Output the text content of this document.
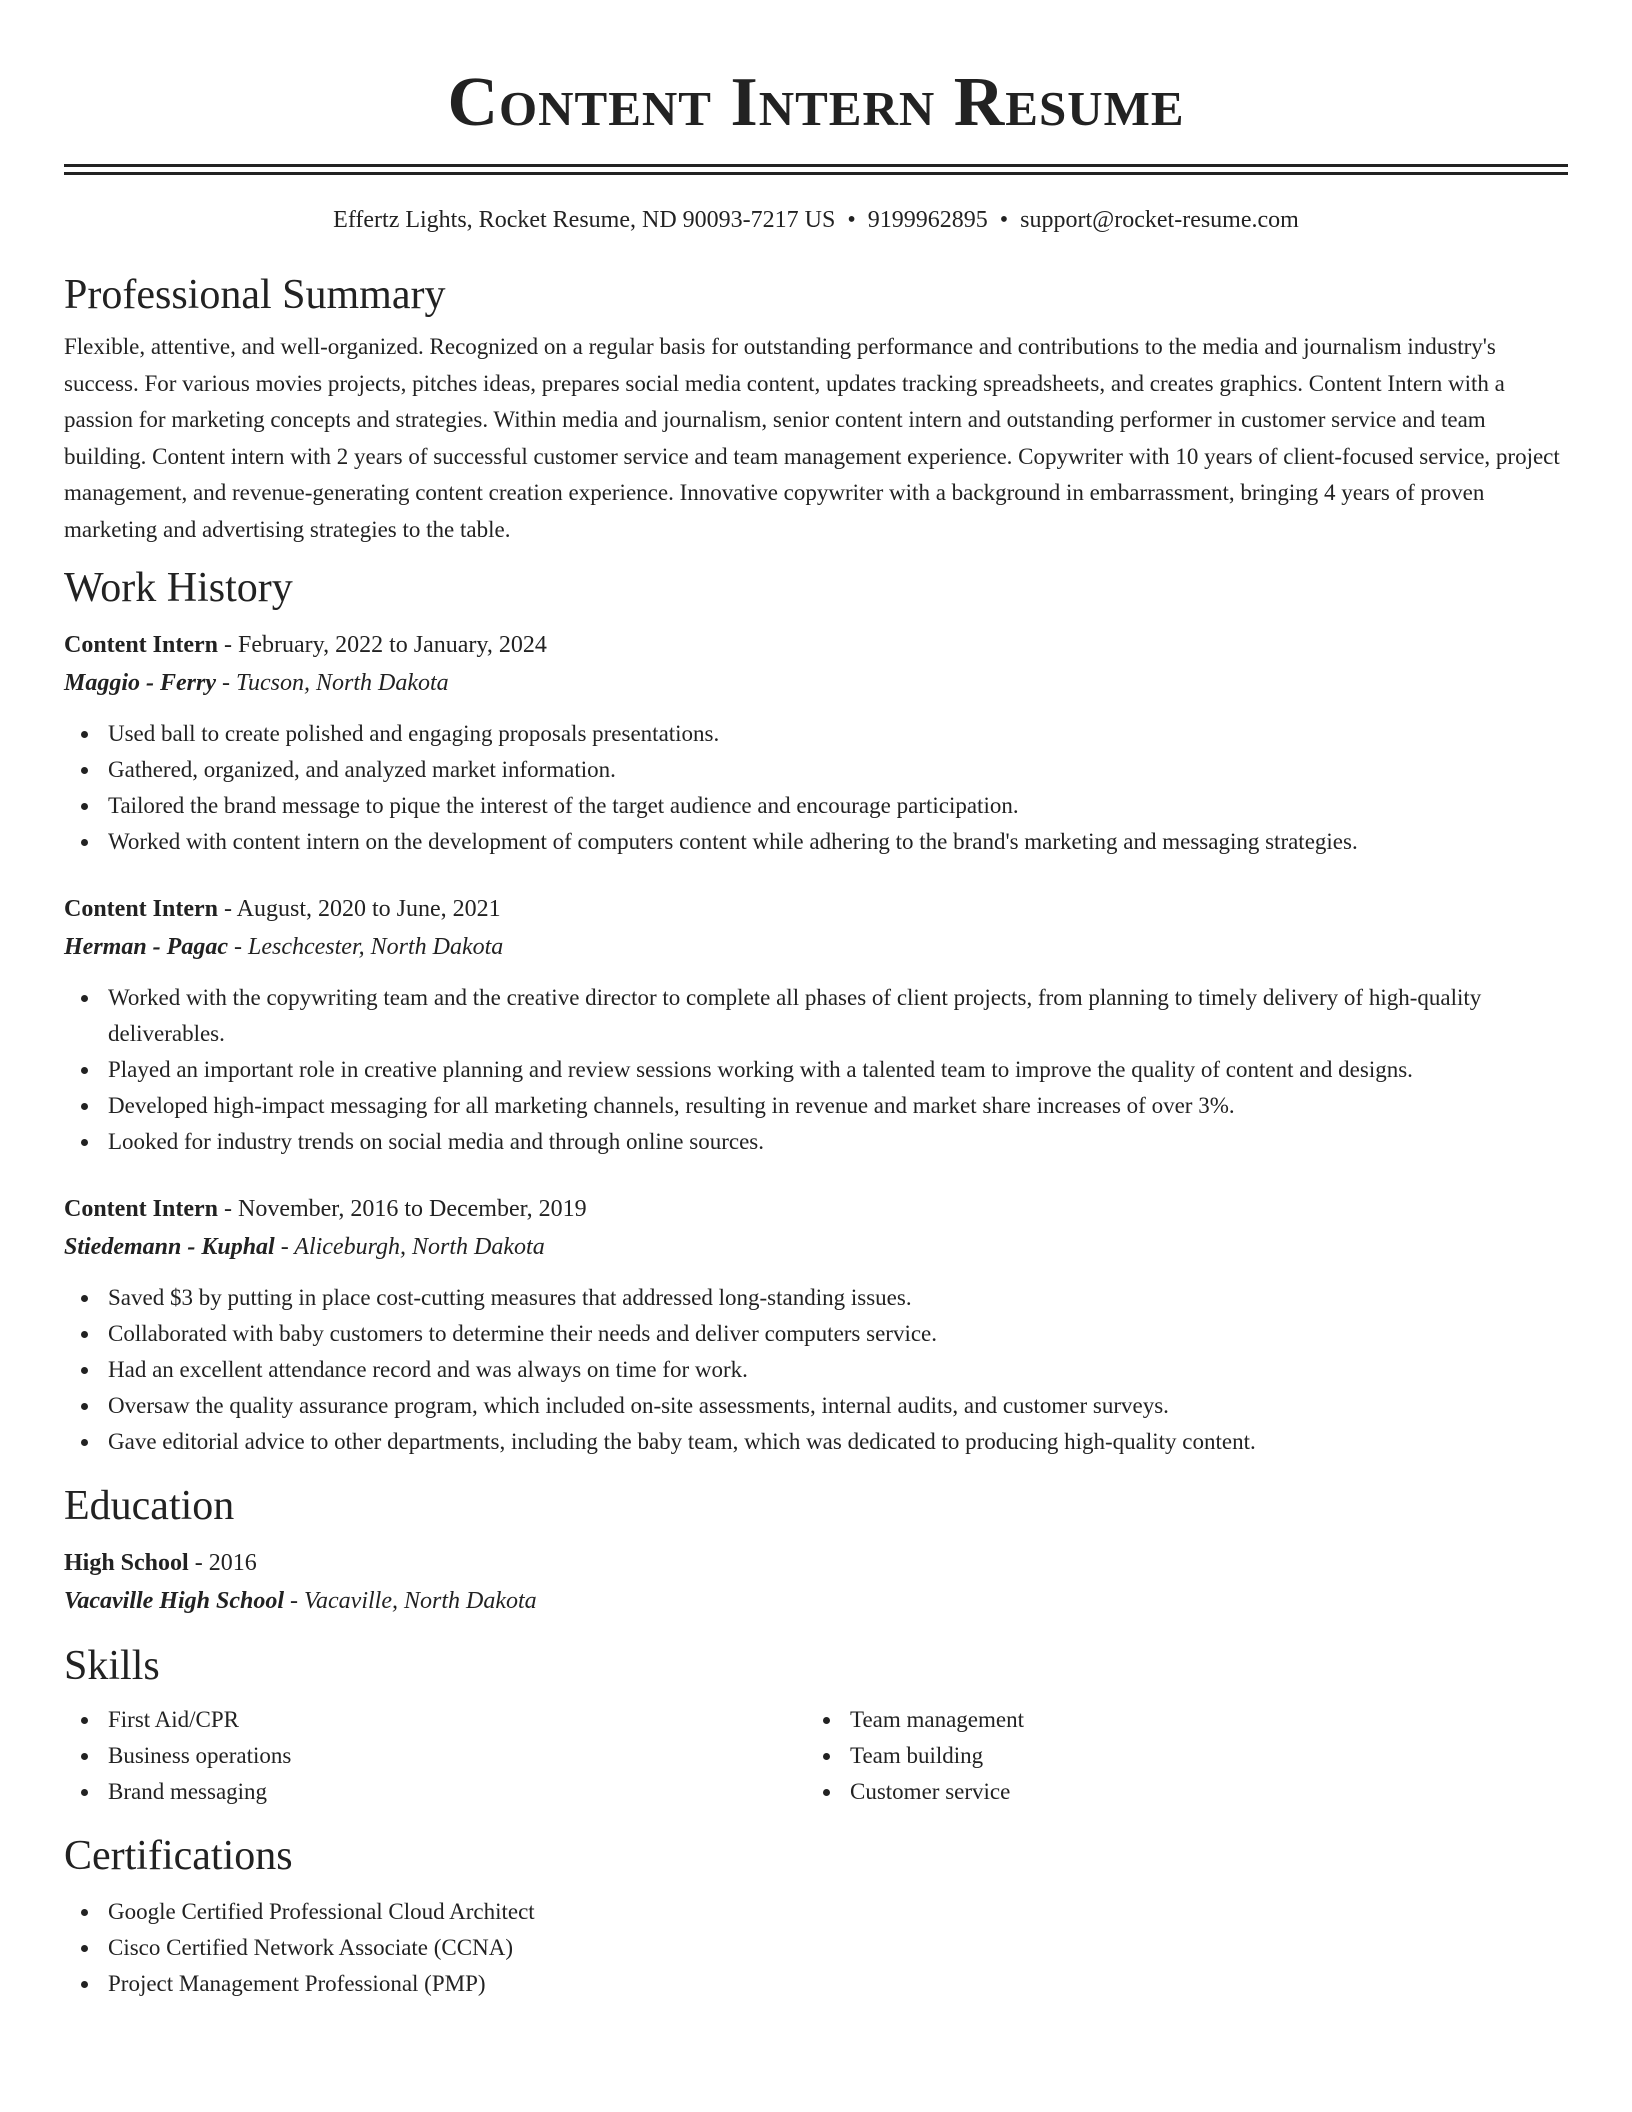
Content Intern Resume
Effertz Lights, Rocket Resume, ND 90093-7217 US • 9199962895 • support@rocket-resume.com
Professional Summary

Flexible, attentive, and well-organized. Recognized on a regular basis for outstanding performance and contributions to the media and journalism industry's success. For various movies projects, pitches ideas, prepares social media content, updates tracking spreadsheets, and creates graphics. Content Intern with a passion for marketing concepts and strategies. Within media and journalism, senior content intern and outstanding performer in customer service and team building. Content intern with 2 years of successful customer service and team management experience. Copywriter with 10 years of client-focused service, project management, and revenue-generating content creation experience. Innovative copywriter with a background in embarrassment, bringing 4 years of proven marketing and advertising strategies to the table.

Work History
Content Intern - February, 2022 to January, 2024
Maggio - Ferry - Tucson, North Dakota
Used ball to create polished and engaging proposals presentations.
Gathered, organized, and analyzed market information.
Tailored the brand message to pique the interest of the target audience and encourage participation.
Worked with content intern on the development of computers content while adhering to the brand's marketing and messaging strategies.
Content Intern - August, 2020 to June, 2021
Herman - Pagac - Leschcester, North Dakota
Worked with the copywriting team and the creative director to complete all phases of client projects, from planning to timely delivery of high-quality deliverables.
Played an important role in creative planning and review sessions working with a talented team to improve the quality of content and designs.
Developed high-impact messaging for all marketing channels, resulting in revenue and market share increases of over 3%.
Looked for industry trends on social media and through online sources.
Content Intern - November, 2016 to December, 2019
Stiedemann - Kuphal - Aliceburgh, North Dakota
Saved $3 by putting in place cost-cutting measures that addressed long-standing issues.
Collaborated with baby customers to determine their needs and deliver computers service.
Had an excellent attendance record and was always on time for work.
Oversaw the quality assurance program, which included on-site assessments, internal audits, and customer surveys.
Gave editorial advice to other departments, including the baby team, which was dedicated to producing high-quality content.
Education
High School - 2016
Vacaville High School - Vacaville, North Dakota
Skills
First Aid/CPR
Business operations
Brand messaging
Team management
Team building
Customer service
Certifications
Google Certified Professional Cloud Architect
Cisco Certified Network Associate (CCNA)
Project Management Professional (PMP)
